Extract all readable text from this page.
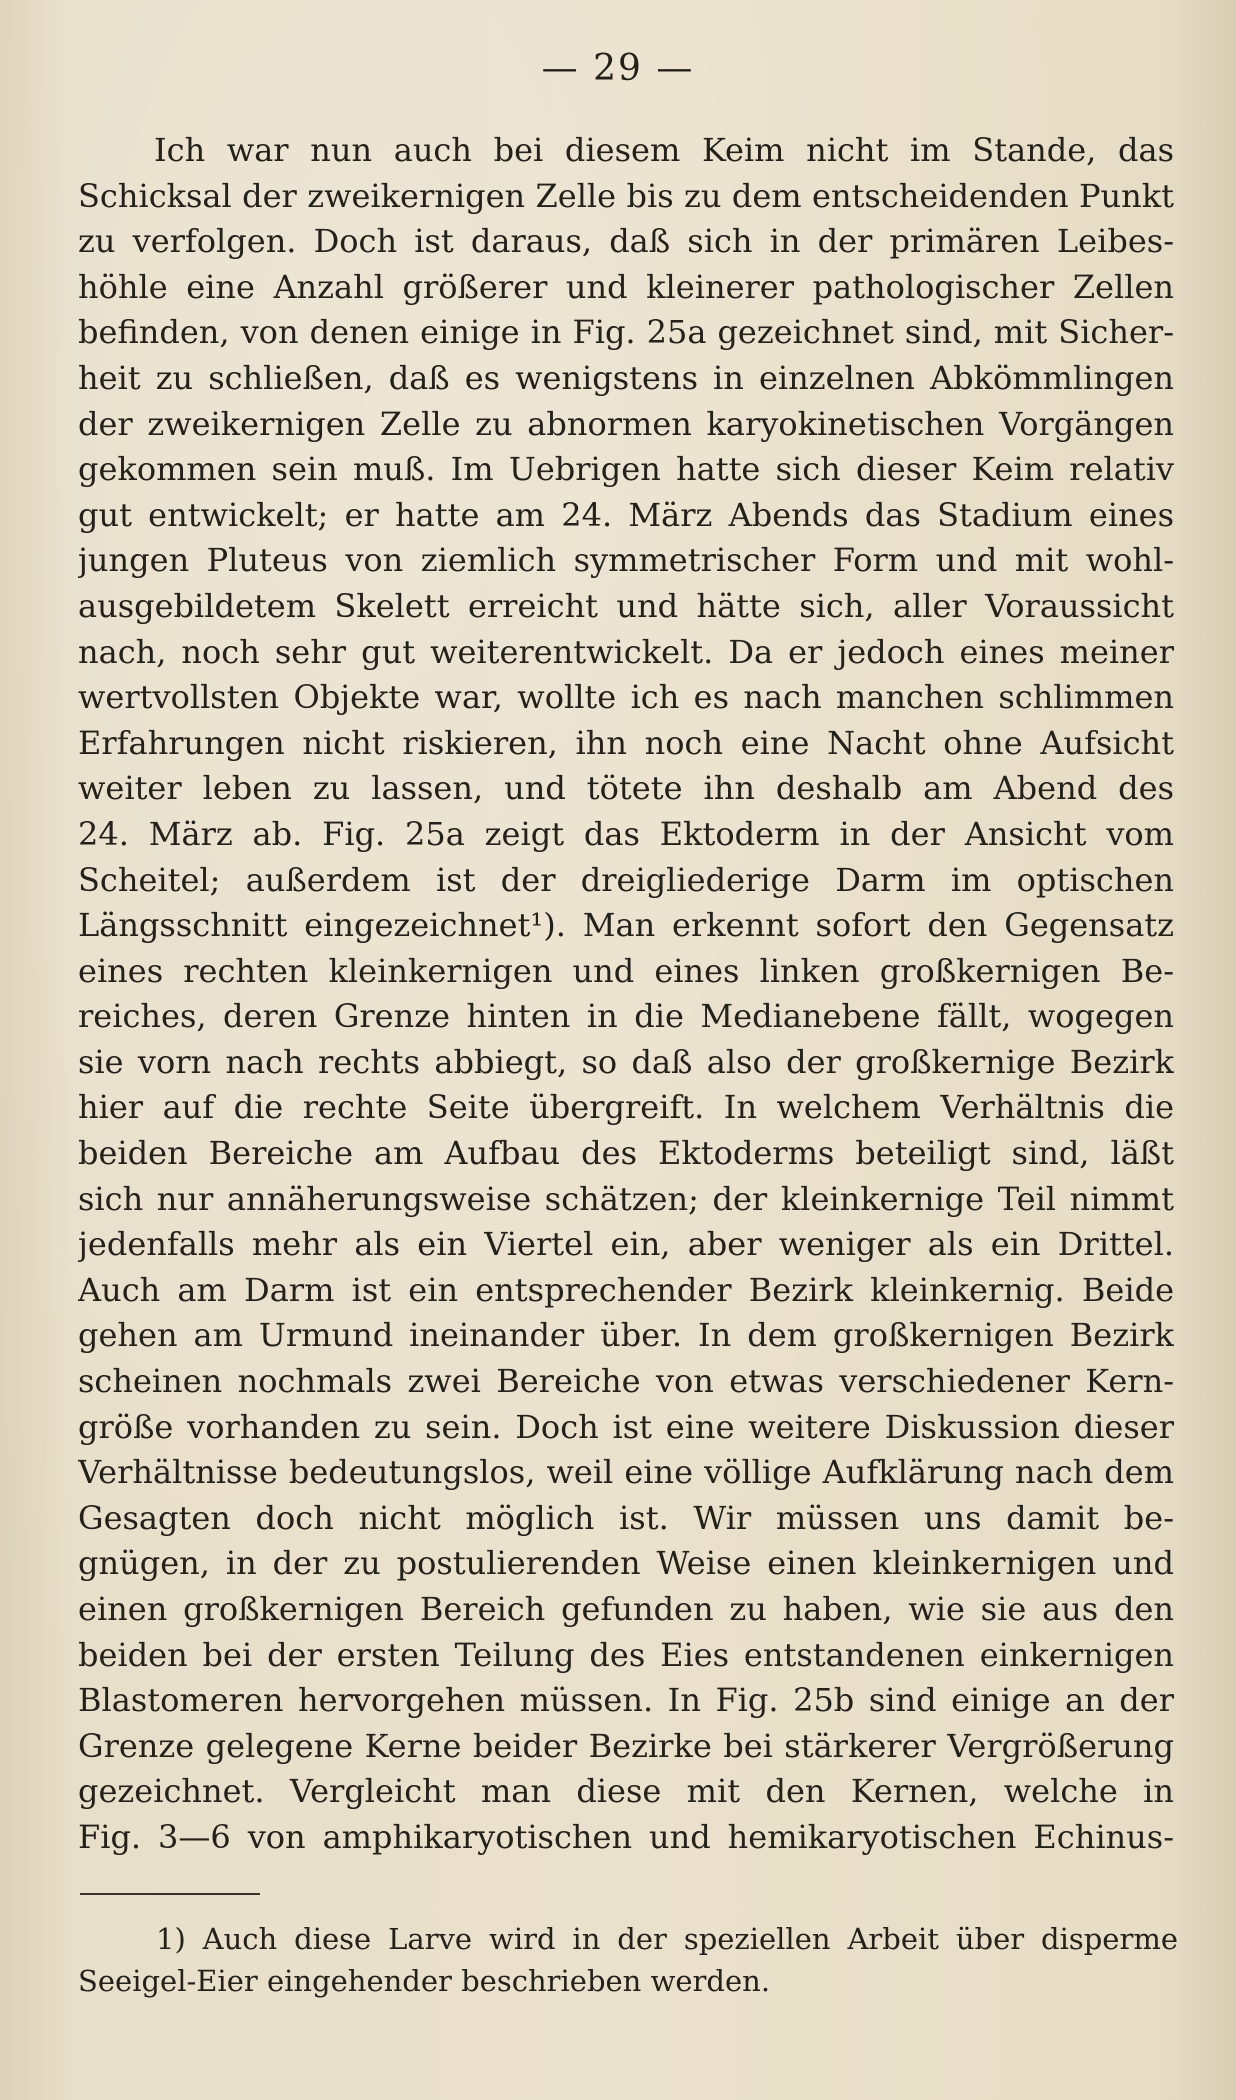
— 29 —
Ich war nun auch bei diesem Keim nicht im Stande, das
Schicksal der zweikernigen Zelle bis zu dem entscheidenden Punkt
zu verfolgen. Doch ist daraus, daß sich in der primären Leibes-
höhle eine Anzahl größerer und kleinerer pathologischer Zellen
befinden, von denen einige in Fig. 25a gezeichnet sind, mit Sicher-
heit zu schließen, daß es wenigstens in einzelnen Abkömmlingen
der zweikernigen Zelle zu abnormen karyokinetischen Vorgängen
gekommen sein muß. Im Uebrigen hatte sich dieser Keim relativ
gut entwickelt; er hatte am 24. März Abends das Stadium eines
jungen Pluteus von ziemlich symmetrischer Form und mit wohl-
ausgebildetem Skelett erreicht und hätte sich, aller Voraussicht
nach, noch sehr gut weiterentwickelt. Da er jedoch eines meiner
wertvollsten Objekte war, wollte ich es nach manchen schlimmen
Erfahrungen nicht riskieren, ihn noch eine Nacht ohne Aufsicht
weiter leben zu lassen, und tötete ihn deshalb am Abend des
24. März ab. Fig. 25a zeigt das Ektoderm in der Ansicht vom
Scheitel; außerdem ist der dreigliederige Darm im optischen
Längsschnitt eingezeichnet¹). Man erkennt sofort den Gegensatz
eines rechten kleinkernigen und eines linken großkernigen Be-
reiches, deren Grenze hinten in die Medianebene fällt, wogegen
sie vorn nach rechts abbiegt, so daß also der großkernige Bezirk
hier auf die rechte Seite übergreift. In welchem Verhältnis die
beiden Bereiche am Aufbau des Ektoderms beteiligt sind, läßt
sich nur annäherungsweise schätzen; der kleinkernige Teil nimmt
jedenfalls mehr als ein Viertel ein, aber weniger als ein Drittel.
Auch am Darm ist ein entsprechender Bezirk kleinkernig. Beide
gehen am Urmund ineinander über. In dem großkernigen Bezirk
scheinen nochmals zwei Bereiche von etwas verschiedener Kern-
größe vorhanden zu sein. Doch ist eine weitere Diskussion dieser
Verhältnisse bedeutungslos, weil eine völlige Aufklärung nach dem
Gesagten doch nicht möglich ist. Wir müssen uns damit be-
gnügen, in der zu postulierenden Weise einen kleinkernigen und
einen großkernigen Bereich gefunden zu haben, wie sie aus den
beiden bei der ersten Teilung des Eies entstandenen einkernigen
Blastomeren hervorgehen müssen. In Fig. 25b sind einige an der
Grenze gelegene Kerne beider Bezirke bei stärkerer Vergrößerung
gezeichnet. Vergleicht man diese mit den Kernen, welche in
Fig. 3—6 von amphikaryotischen und hemikaryotischen Echinus-
1) Auch diese Larve wird in der speziellen Arbeit über disperme
Seeigel-Eier eingehender beschrieben werden.
